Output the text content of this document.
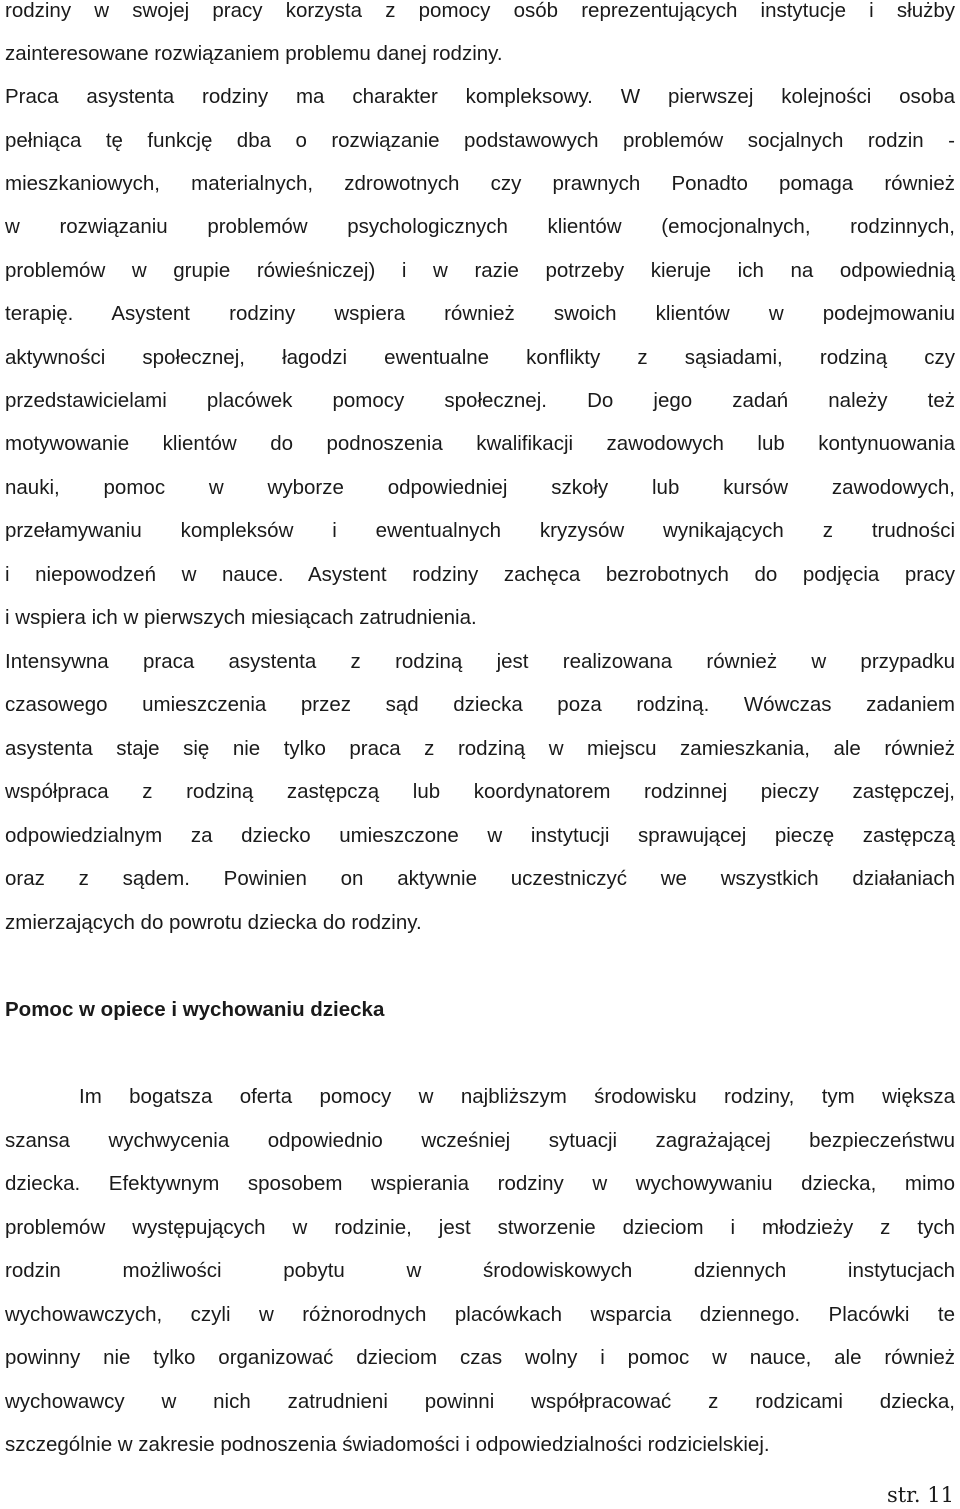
rodziny w swojej pracy korzysta z pomocy osób reprezentujących instytucje i służby
zainteresowane rozwiązaniem problemu danej rodziny.
Praca asystenta rodziny ma charakter kompleksowy. W pierwszej kolejności osoba
pełniąca tę funkcję dba o rozwiązanie podstawowych problemów socjalnych rodzin -
mieszkaniowych, materialnych, zdrowotnych czy prawnych Ponadto pomaga również
w rozwiązaniu problemów psychologicznych klientów (emocjonalnych, rodzinnych,
problemów w grupie rówieśniczej) i w razie potrzeby kieruje ich na odpowiednią
terapię. Asystent rodziny wspiera również swoich klientów w podejmowaniu
aktywności społecznej, łagodzi ewentualne konflikty z sąsiadami, rodziną czy
przedstawicielami placówek pomocy społecznej. Do jego zadań należy też
motywowanie klientów do podnoszenia kwalifikacji zawodowych lub kontynuowania
nauki, pomoc w wyborze odpowiedniej szkoły lub kursów zawodowych,
przełamywaniu kompleksów i ewentualnych kryzysów wynikających z trudności
i niepowodzeń w nauce. Asystent rodziny zachęca bezrobotnych do podjęcia pracy
i wspiera ich w pierwszych miesiącach zatrudnienia.
Intensywna praca asystenta z rodziną jest realizowana również w przypadku
czasowego umieszczenia przez sąd dziecka poza rodziną. Wówczas zadaniem
asystenta staje się nie tylko praca z rodziną w miejscu zamieszkania, ale również
współpraca z rodziną zastępczą lub koordynatorem rodzinnej pieczy zastępczej,
odpowiedzialnym za dziecko umieszczone w instytucji sprawującej pieczę zastępczą
oraz z sądem. Powinien on aktywnie uczestniczyć we wszystkich działaniach
zmierzających do powrotu dziecka do rodziny.
Pomoc w opiece i wychowaniu dziecka
Im bogatsza oferta pomocy w najbliższym środowisku rodziny, tym większa
szansa wychwycenia odpowiednio wcześniej sytuacji zagrażającej bezpieczeństwu
dziecka. Efektywnym sposobem wspierania rodziny w wychowywaniu dziecka, mimo
problemów występujących w rodzinie, jest stworzenie dzieciom i młodzieży z tych
rodzin możliwości pobytu w środowiskowych dziennych instytucjach
wychowawczych, czyli w różnorodnych placówkach wsparcia dziennego. Placówki te
powinny nie tylko organizować dzieciom czas wolny i pomoc w nauce, ale również
wychowawcy w nich zatrudnieni powinni współpracować z rodzicami dziecka,
szczególnie w zakresie podnoszenia świadomości i odpowiedzialności rodzicielskiej.
str. 11
